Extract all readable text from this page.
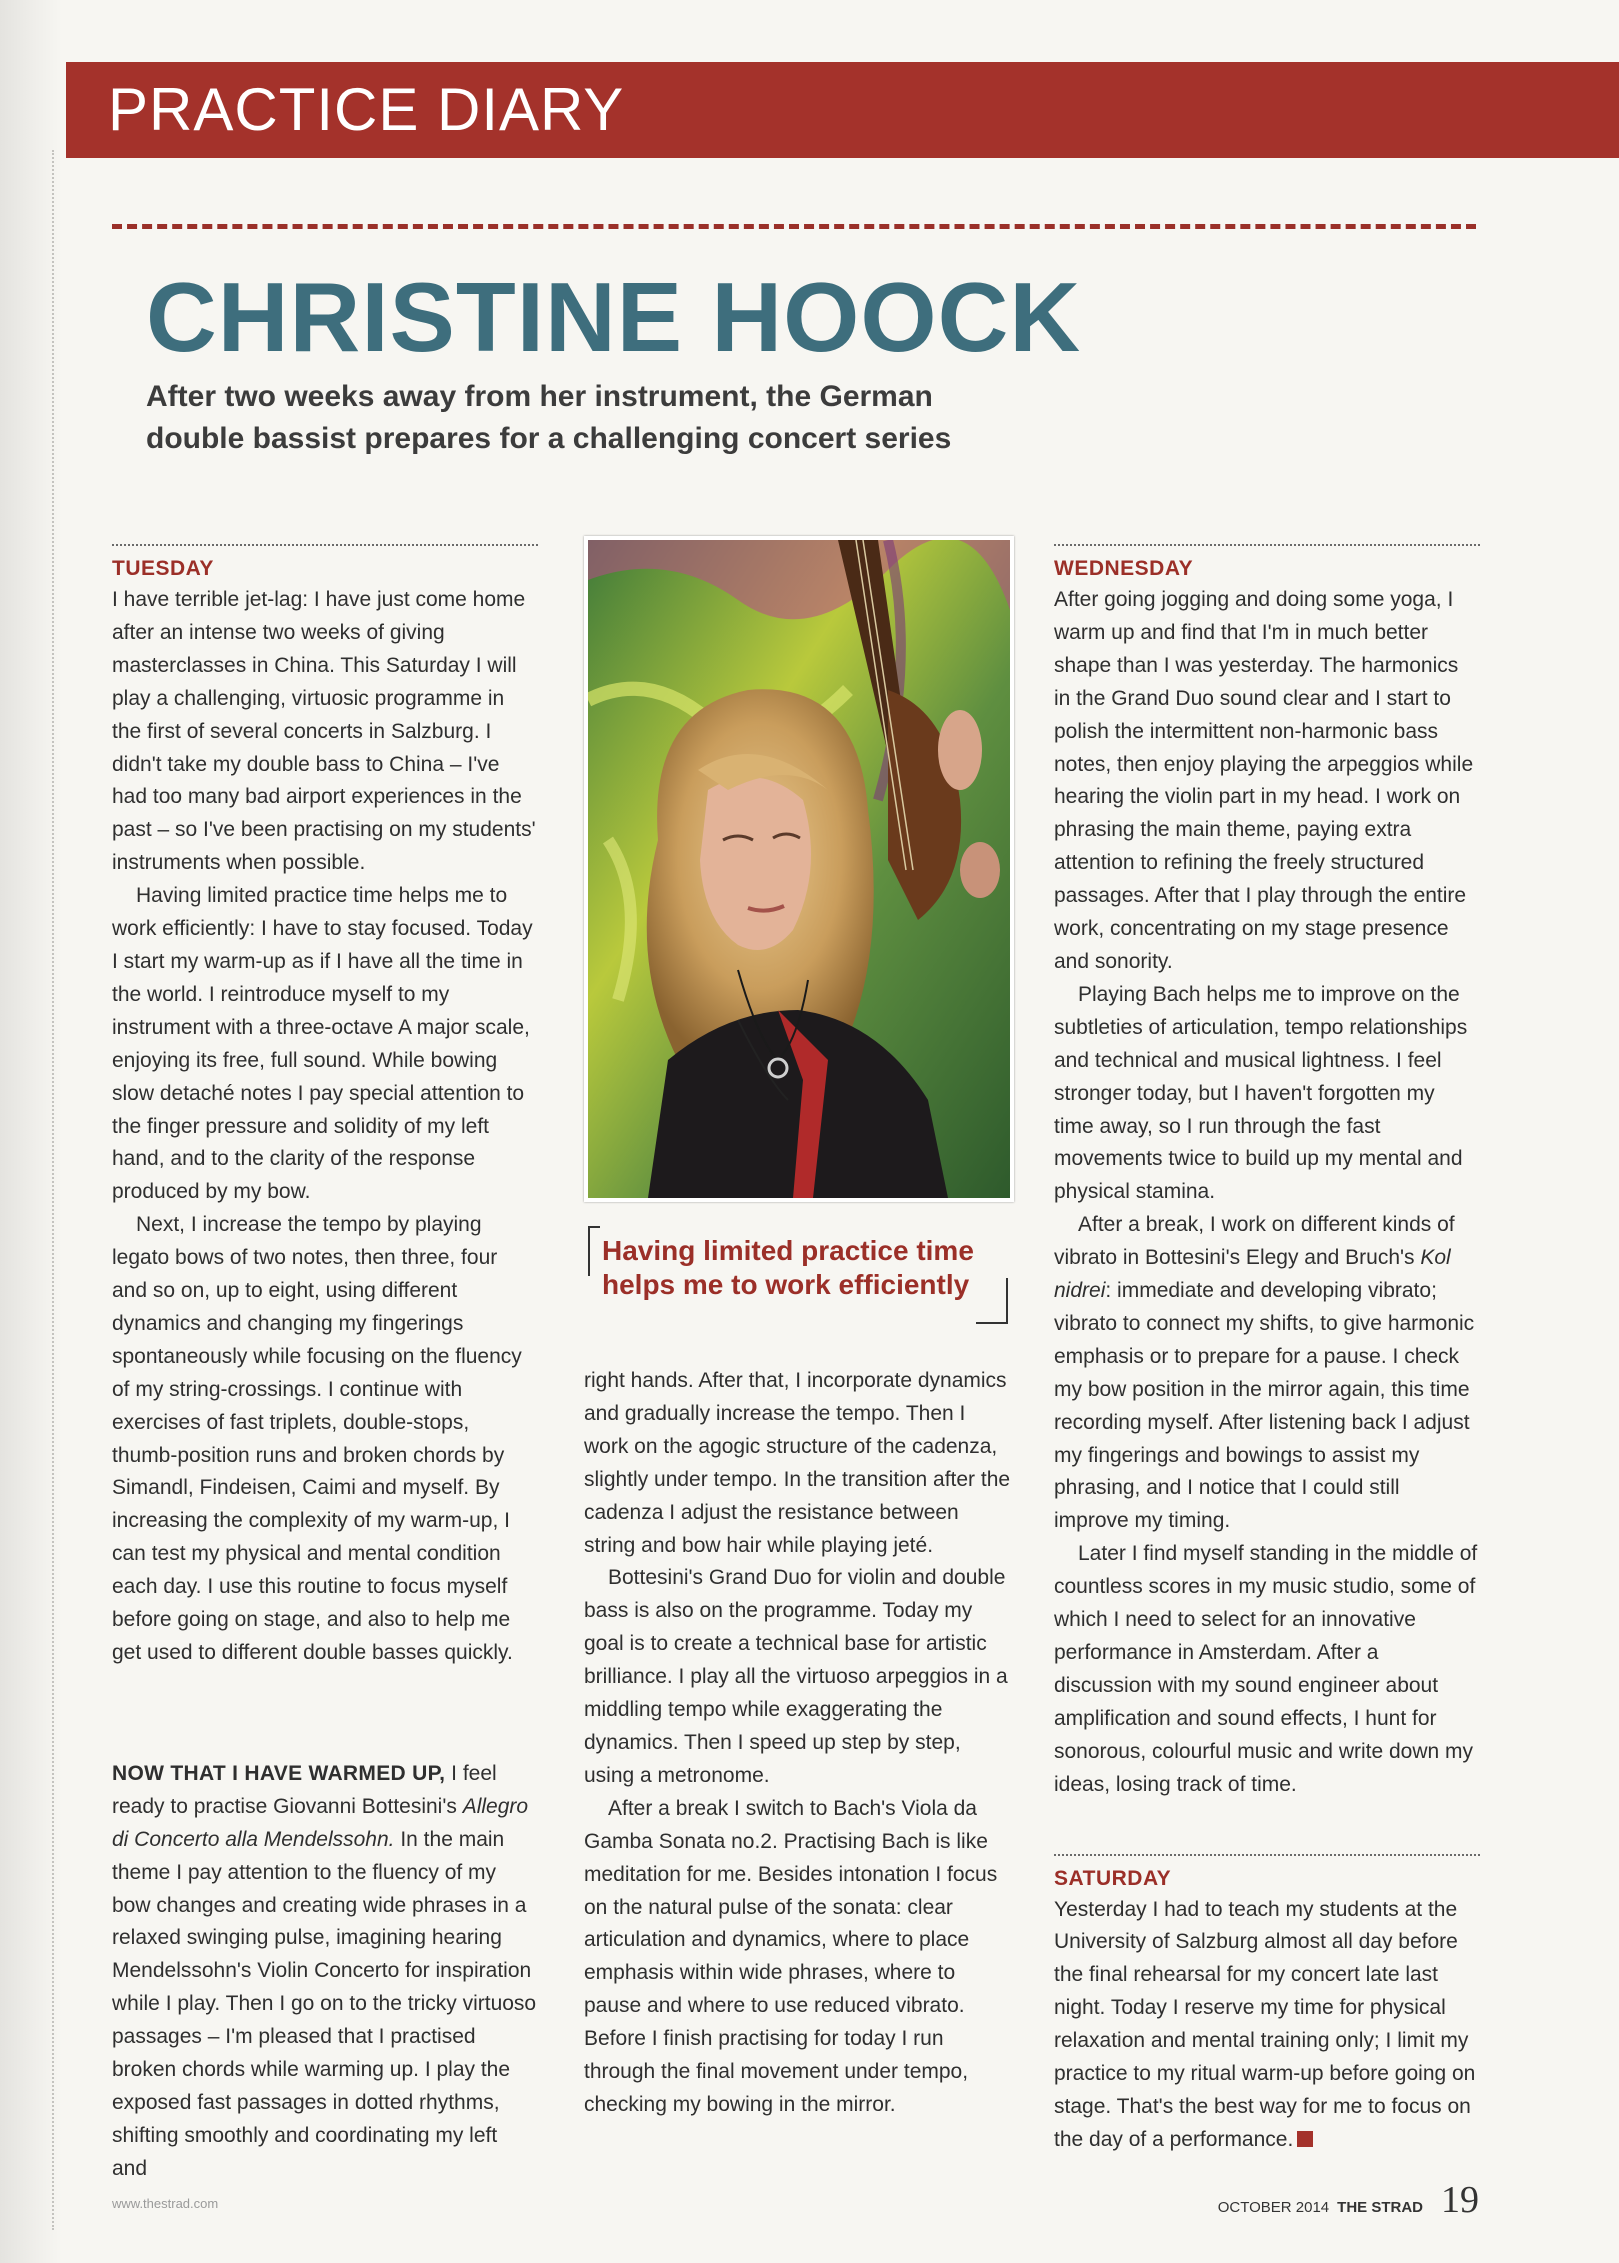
PRACTICE DIARY
CHRISTINE HOOCK
After two weeks away from her instrument, the German double bassist prepares for a challenging concert series
TUESDAY

I have terrible jet-lag: I have just come home after an intense two weeks of giving masterclasses in China. This Saturday I will play a challenging, virtuosic programme in the first of several concerts in Salzburg. I didn't take my double bass to China – I've had too many bad airport experiences in the past – so I've been practising on my students' instruments when possible.

Having limited practice time helps me to work efficiently: I have to stay focused. Today I start my warm-up as if I have all the time in the world. I reintroduce myself to my instrument with a three-octave A major scale, enjoying its free, full sound. While bowing slow detaché notes I pay special attention to the finger pressure and solidity of my left hand, and to the clarity of the response produced by my bow.

Next, I increase the tempo by playing legato bows of two notes, then three, four and so on, up to eight, using different dynamics and changing my fingerings spontaneously while focusing on the fluency of my string-crossings. I continue with exercises of fast triplets, double-stops, thumb-position runs and broken chords by Simandl, Findeisen, Caimi and myself. By increasing the complexity of my warm-up, I can test my physical and mental condition each day. I use this routine to focus myself before going on stage, and also to help me get used to different double basses quickly.

NOW THAT I HAVE WARMED UP, I feel ready to practise Giovanni Bottesini's Allegro di Concerto alla Mendelssohn. In the main theme I pay attention to the fluency of my bow changes and creating wide phrases in a relaxed swinging pulse, imagining hearing Mendelssohn's Violin Concerto for inspiration while I play. Then I go on to the tricky virtuoso passages – I'm pleased that I practised broken chords while warming up. I play the exposed fast passages in dotted rhythms, shifting smoothly and coordinating my left and

Having limited practice time helps me to work efficiently

right hands. After that, I incorporate dynamics and gradually increase the tempo. Then I work on the agogic structure of the cadenza, slightly under tempo. In the transition after the cadenza I adjust the resistance between string and bow hair while playing jeté.

Bottesini's Grand Duo for violin and double bass is also on the programme. Today my goal is to create a technical base for artistic brilliance. I play all the virtuoso arpeggios in a middling tempo while exaggerating the dynamics. Then I speed up step by step, using a metronome.

After a break I switch to Bach's Viola da Gamba Sonata no.2. Practising Bach is like meditation for me. Besides intonation I focus on the natural pulse of the sonata: clear articulation and dynamics, where to place emphasis within wide phrases, where to pause and where to use reduced vibrato. Before I finish practising for today I run through the final movement under tempo, checking my bowing in the mirror.

WEDNESDAY

After going jogging and doing some yoga, I warm up and find that I'm in much better shape than I was yesterday. The harmonics in the Grand Duo sound clear and I start to polish the intermittent non-harmonic bass notes, then enjoy playing the arpeggios while hearing the violin part in my head. I work on phrasing the main theme, paying extra attention to refining the freely structured passages. After that I play through the entire work, concentrating on my stage presence and sonority.

Playing Bach helps me to improve on the subtleties of articulation, tempo relationships and technical and musical lightness. I feel stronger today, but I haven't forgotten my time away, so I run through the fast movements twice to build up my mental and physical stamina.

After a break, I work on different kinds of vibrato in Bottesini's Elegy and Bruch's Kol nidrei: immediate and developing vibrato; vibrato to connect my shifts, to give harmonic emphasis or to prepare for a pause. I check my bow position in the mirror again, this time recording myself. After listening back I adjust my fingerings and bowings to assist my phrasing, and I notice that I could still improve my timing.

Later I find myself standing in the middle of countless scores in my music studio, some of which I need to select for an innovative performance in Amsterdam. After a discussion with my sound engineer about amplification and sound effects, I hunt for sonorous, colourful music and write down my ideas, losing track of time.

SATURDAY

Yesterday I had to teach my students at the University of Salzburg almost all day before the final rehearsal for my concert late last night. Today I reserve my time for physical relaxation and mental training only; I limit my practice to my ritual warm-up before going on stage. That's the best way for me to focus on the day of a performance.

www.thestrad.com	OCTOBER 2014 THE STRAD 19
